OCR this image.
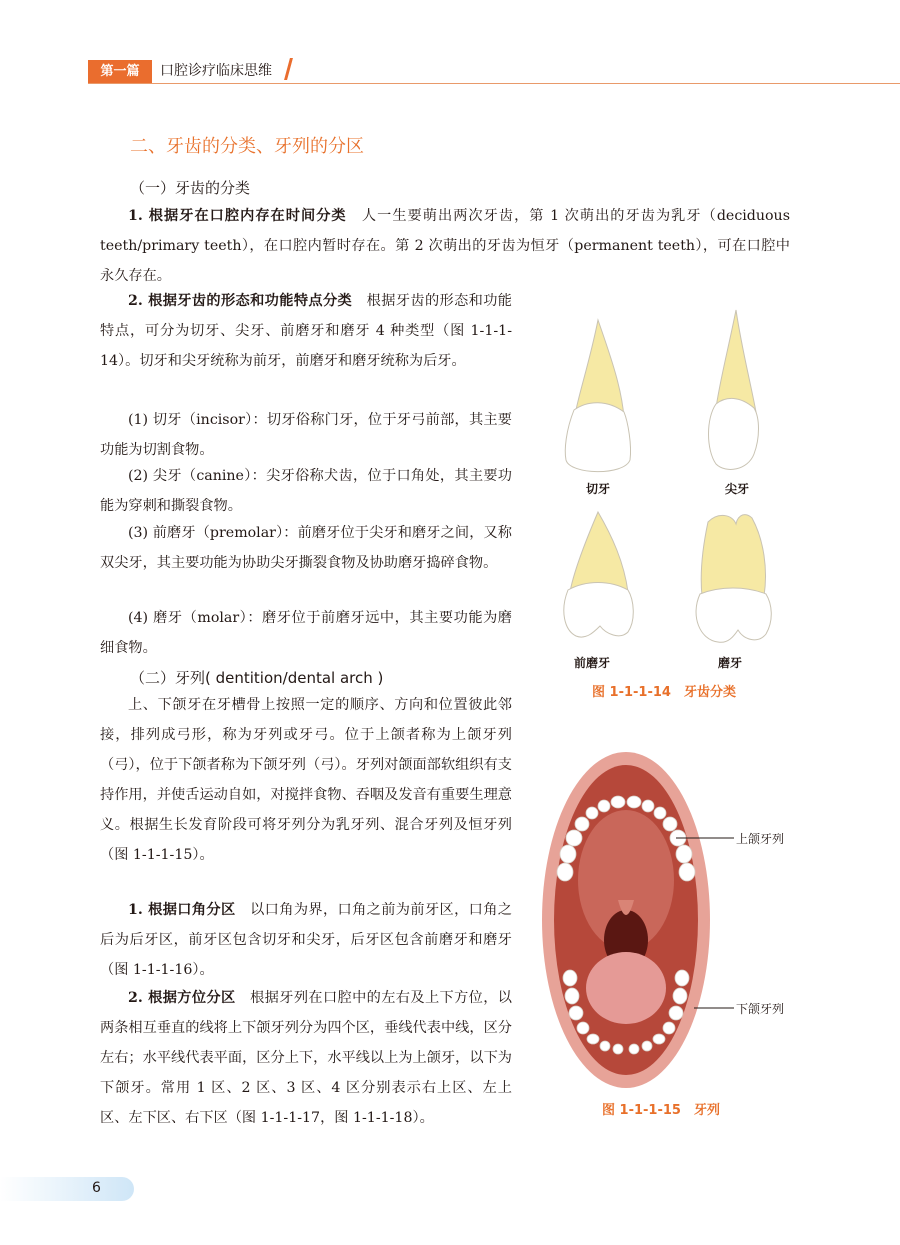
第一篇	口腔诊疗临床思维
二、牙齿的分类、牙列的分区
（一）牙齿的分类

1. 根据牙在口腔内存在时间分类　人一生要萌出两次牙齿，第 1 次萌出的牙齿为乳牙（deciduous teeth/primary teeth），在口腔内暂时存在。第 2 次萌出的牙齿为恒牙（permanent teeth），可在口腔中永久存在。

2. 根据牙齿的形态和功能特点分类　根据牙齿的形态和功能特点，可分为切牙、尖牙、前磨牙和磨牙 4 种类型（图 1-1-1-14）。切牙和尖牙统称为前牙，前磨牙和磨牙统称为后牙。

(1) 切牙（incisor）：切牙俗称门牙，位于牙弓前部，其主要功能为切割食物。

(2) 尖牙（canine）：尖牙俗称犬齿，位于口角处，其主要功能为穿刺和撕裂食物。

(3) 前磨牙（premolar）：前磨牙位于尖牙和磨牙之间，又称双尖牙，其主要功能为协助尖牙撕裂食物及协助磨牙捣碎食物。

(4) 磨牙（molar）：磨牙位于前磨牙远中，其主要功能为磨细食物。

（二）牙列( dentition/dental arch )

上、下颌牙在牙槽骨上按照一定的顺序、方向和位置彼此邻接，排列成弓形，称为牙列或牙弓。位于上颌者称为上颌牙列（弓），位于下颌者称为下颌牙列（弓）。牙列对颌面部软组织有支持作用，并使舌运动自如，对搅拌食物、吞咽及发音有重要生理意义。根据生长发育阶段可将牙列分为乳牙列、混合牙列及恒牙列（图 1-1-1-15）。

1. 根据口角分区　以口角为界，口角之前为前牙区，口角之后为后牙区，前牙区包含切牙和尖牙，后牙区包含前磨牙和磨牙（图 1-1-1-16）。

2. 根据方位分区　根据牙列在口腔中的左右及上下方位，以两条相互垂直的线将上下颌牙列分为四个区，垂线代表中线，区分左右；水平线代表平面，区分上下，水平线以上为上颌牙，以下为下颌牙。常用 1 区、2 区、3 区、4 区分别表示右上区、左上区、左下区、右下区（图 1-1-1-17，图 1-1-1-18）。

切牙	尖牙
前磨牙	磨牙
图 1-1-1-14　牙齿分类
上颌牙列
下颌牙列
图 1-1-1-15　牙列
6
